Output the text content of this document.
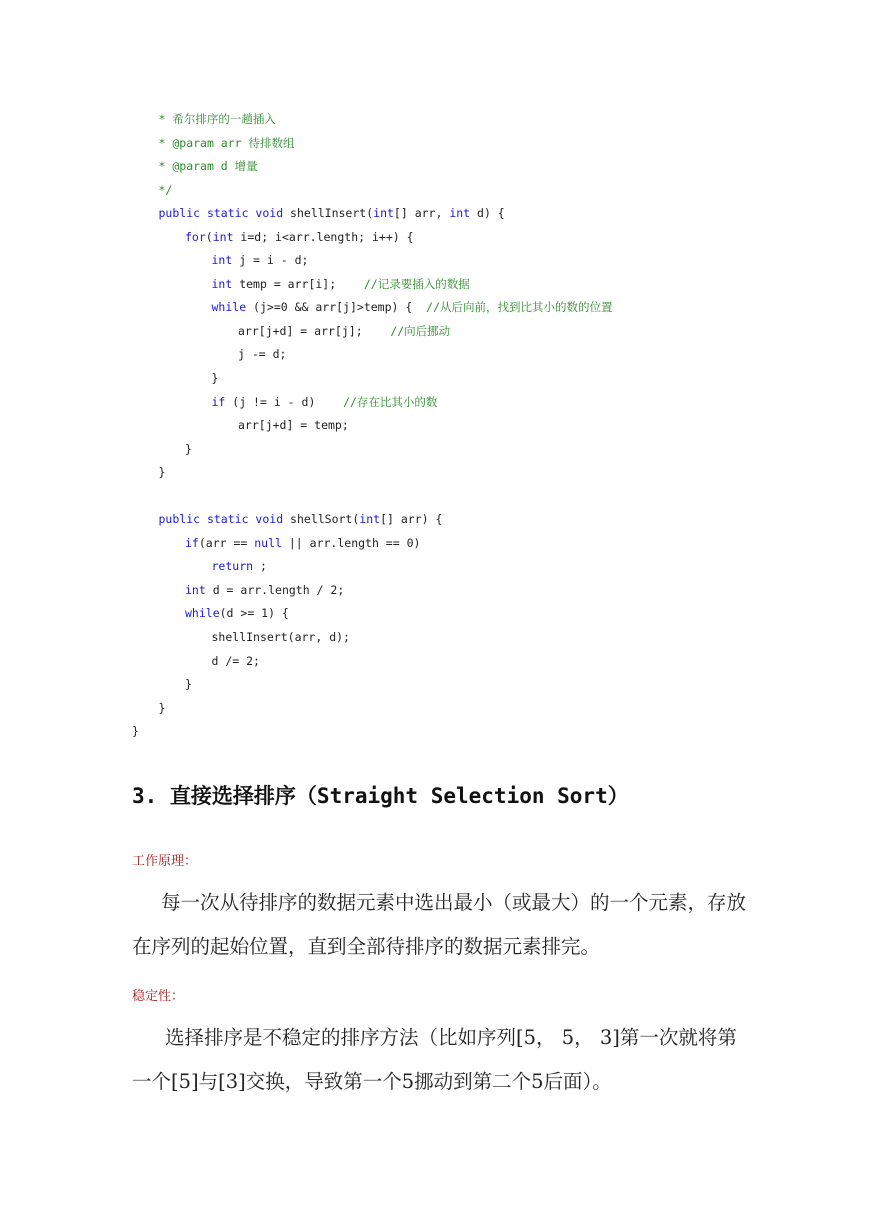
* 希尔排序的一趟插入
* @param arr 待排数组
* @param d 增量
*/
public static void shellInsert(int[] arr, int d) {
for(int i=d; i<arr.length; i++) {
int j = i - d;
int temp = arr[i];    //记录要插入的数据
while (j>=0 && arr[j]>temp) {  //从后向前，找到比其小的数的位置
arr[j+d] = arr[j];    //向后挪动
j -= d;
}
if (j != i - d)    //存在比其小的数
arr[j+d] = temp;
}
}
public static void shellSort(int[] arr) {
if(arr == null || arr.length == 0)
return ;
int d = arr.length / 2;
while(d >= 1) {
shellInsert(arr, d);
d /= 2;
}
}
}
3. 直接选择排序（Straight Selection Sort）

工作原理：

每一次从待排序的数据元素中选出最小（或最大）的一个元素，存放在序列的起始位置，直到全部待排序的数据元素排完。

稳定性：

选择排序是不稳定的排序方法（比如序列[5， 5， 3]第一次就将第一个[5]与[3]交换，导致第一个5挪动到第二个5后面）。
